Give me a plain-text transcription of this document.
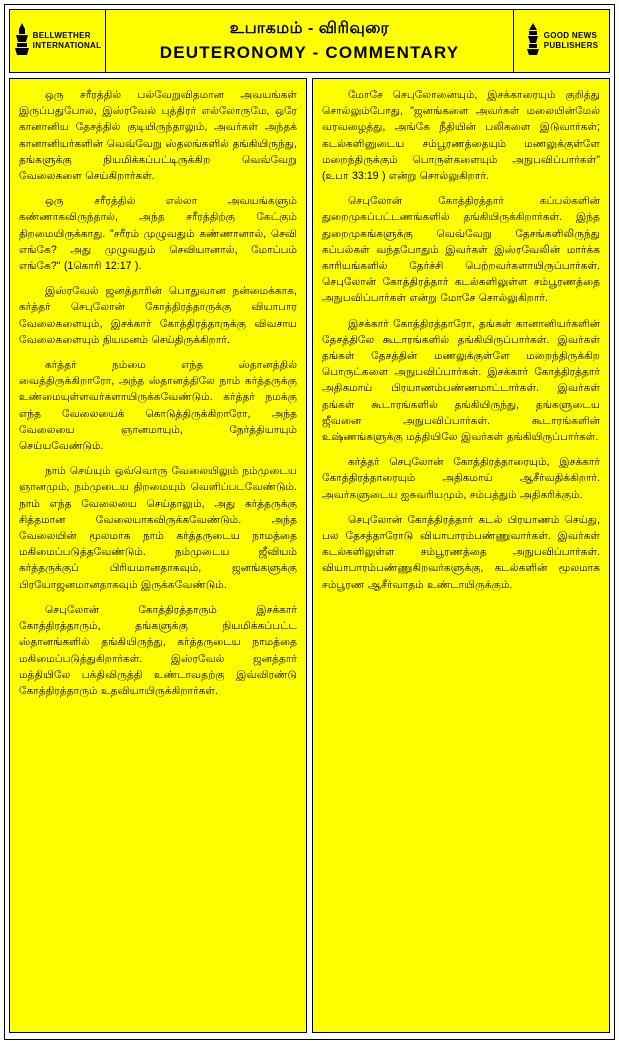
BELLWETHER
INTERNATIONAL
உபாகமம் - விரிவுரை
DEUTERONOMY - COMMENTARY
GOOD NEWS
PUBLISHERS

ஒரு சரீரத்தில் பல்வேறுவிதமான அவயங்கள் இருப்பதுபோல, இஸ்ரவேல் புத்திரர் எல்லோருமே, ஒரே கானானிய தேசத்தில் குடியிருந்தாலும், அவர்கள் அந்தக் கானானியர்களின் வெவ்வேறு ஸ்தலங்களில் தங்கியிருந்து, தங்களுக்கு நியமிக்கப்பட்டிருக்கிற வெவ்வேறு வேலைகளை செய்கிறார்கள்.

ஒரு சரீரத்தில் எல்லா அவயங்களும் கண்ணாகவிருந்தால், அந்த சரீரத்திற்கு கேட்கும் திறமையிருக்காது. "சரீரம் முழுவதும் கண்ணானால், செவி எங்கே? அது முழுவதும் செவியானால், மோப்பம் எங்கே?" (1கொரி 12:17 ).

இஸ்ரவேல் ஜனத்தாரின் பொதுவான நன்மைக்காக, கர்த்தர் செபுலோன் கோத்திரத்தாருக்கு வியாபார வேலைகளையும், இசக்கார் கோத்திரத்தாருக்கு விவசாய வேலைகளையும் நியமனம் செய்திருக்கிறார்.

கர்த்தர் நம்மை எந்த ஸ்தானத்தில் வைத்திருக்கிறாரோ, அந்த ஸ்தானத்திலே நாம் கர்த்தருக்கு உண்மையுள்ளவர்களாயிருக்கவேண்டும். கர்த்தர் நமக்கு எந்த வேலையைக் கொடுத்திருக்கிறாரோ, அந்த வேலையை ஞானமாயும், நேர்த்தியாயும் செய்யவேண்டும்.

நாம் செய்யும் ஒவ்வொரு வேலையிலும் நம்முடைய ஞானமும், நம்முடைய திறமையும் வெளிப்படவேண்டும். நாம் எந்த வேலையை செய்தாலும், அது கர்த்தருக்கு சித்தமான வேலையாகவிருக்கவேண்டும். அந்த வேலையின் மூலமாக நாம் கர்த்தருடைய நாமத்தை மகிமைப்படுத்தவேண்டும். நம்முடைய ஜீவியம் கர்த்தருக்குப் பிரியமானதாகவும், ஜனங்களுக்கு பிரயோஜனமானதாகவும் இருக்கவேண்டும்.

செபுலோன் கோத்திரத்தாரும் இசக்கார் கோத்திரத்தாரும், தங்களுக்கு நியமிக்கப்பட்ட ஸ்தானங்களில் தங்கியிருந்து, கர்த்தருடைய நாமத்தை மகிமைப்படுத்துகிறார்கள். இஸ்ரவேல் ஜனத்தார் மத்தியிலே பக்திவிருத்தி உண்டாவதற்கு இவ்விரண்டு கோத்திரத்தாரும் உதவியாயிருக்கிறார்கள்.

மோசே செபுலோனையும், இசக்காரையும் குறித்து சொல்லும்போது, "ஜனங்களை அவர்கள் மலையின்மேல் வரவழைத்து, அங்கே நீதியின் பலிகளை இடுவார்கள்; கடல்களினுடைய சம்பூரணத்தையும் மணலுக்குள்ளே மறைந்திருக்கும் பொருள்களையும் அநுபவிப்பார்கள்" (உபா 33:19 ) என்று சொல்லுகிறார்.

செபுலோன் கோத்திரத்தார் கப்பல்களின் துறைமுகப்பட்டணங்களில் தங்கியிருக்கிறார்கள். இந்த துறைமுகங்களுக்கு வெவ்வேறு தேசங்களிலிருந்து கப்பல்கள் வந்தபோதும் இவர்கள் இஸ்ரவேலின் மார்க்க காரியங்களில் தேர்ச்சி பெற்றவர்களாயிருப்பார்கள். செபுலோன் கோத்திரத்தார் கடல்களிலுள்ள சம்பூரணத்தை அநுபவிப்பார்கள் என்று மோசே சொல்லுகிறார்.

இசக்கார் கோத்திரத்தாரோ, தங்கள் கானானியர்களின் தேசத்திலே கூடாரங்களில் தங்கியிருப்பார்கள். இவர்கள் தங்கள் தேசத்தின் மணலுக்குள்ளே மறைந்திருக்கிற பொருட்களை அநுபவிப்பார்கள். இசக்கார் கோத்திரத்தார் அதிகமாய் பிரயாணம்பண்ணமாட்டார்கள். இவர்கள் தங்கள் கூடாரங்களில் தங்கியிருந்து, தங்களுடைய ஜீவனை அநுபவிப்பார்கள். கூடாரங்களின் உஷ்ணங்களுக்கு மத்தியிலே இவர்கள் தங்கியிருப்பார்கள்.

கர்த்தர் செபுலோன் கோத்திரத்தாரையும், இசக்கார் கோத்திரத்தாரையும் அதிகமாய் ஆசீர்வதிக்கிறார். அவர்களுடைய ஐசுவரியமும், சம்பத்தும் அதிகரிக்கும்.

செபுலோன் கோத்திரத்தார் கடல் பிரயாணம் செய்து, பல தேசத்தாரோடு வியாபாரம்பண்ணுவார்கள். இவர்கள் கடல்களிலுள்ள சம்பூரணத்தை அநுபவிப்பார்கள். வியாபாரம்பண்ணுகிறவர்களுக்கு, கடல்களின் மூலமாக சம்பூரண ஆசீர்வாதம் உண்டாயிருக்கும்.
